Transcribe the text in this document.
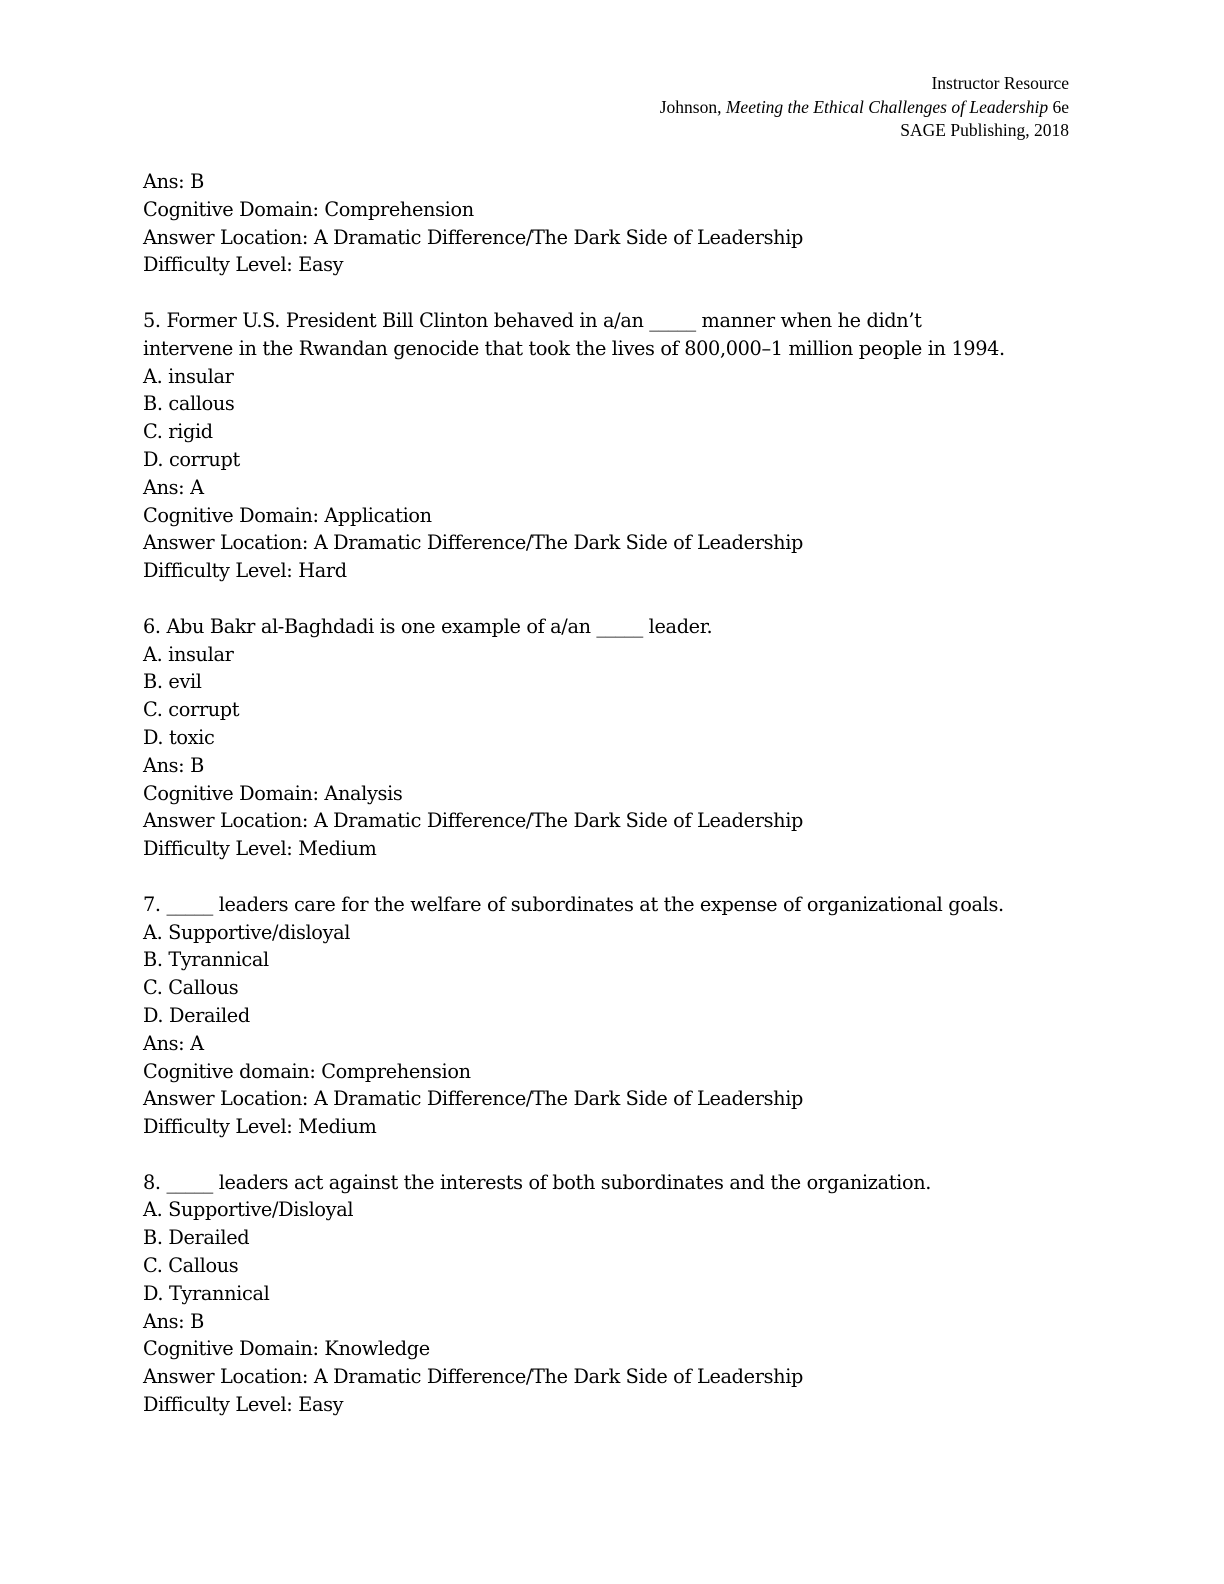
Instructor Resource
Johnson, Meeting the Ethical Challenges of Leadership 6e
SAGE Publishing, 2018
Ans: B
Cognitive Domain: Comprehension
Answer Location: A Dramatic Difference/The Dark Side of Leadership
Difficulty Level: Easy
5. Former U.S. President Bill Clinton behaved in a/an _____ manner when he didn’t
intervene in the Rwandan genocide that took the lives of 800,000–1 million people in 1994.
A. insular
B. callous
C. rigid
D. corrupt
Ans: A
Cognitive Domain: Application
Answer Location: A Dramatic Difference/The Dark Side of Leadership
Difficulty Level: Hard
6. Abu Bakr al-Baghdadi is one example of a/an _____ leader.
A. insular
B. evil
C. corrupt
D. toxic
Ans: B
Cognitive Domain: Analysis
Answer Location: A Dramatic Difference/The Dark Side of Leadership
Difficulty Level: Medium
7. _____ leaders care for the welfare of subordinates at the expense of organizational goals.
A. Supportive/disloyal
B. Tyrannical
C. Callous
D. Derailed
Ans: A
Cognitive domain: Comprehension
Answer Location: A Dramatic Difference/The Dark Side of Leadership
Difficulty Level: Medium
8. _____ leaders act against the interests of both subordinates and the organization.
A. Supportive/Disloyal
B. Derailed
C. Callous
D. Tyrannical
Ans: B
Cognitive Domain: Knowledge
Answer Location: A Dramatic Difference/The Dark Side of Leadership
Difficulty Level: Easy
